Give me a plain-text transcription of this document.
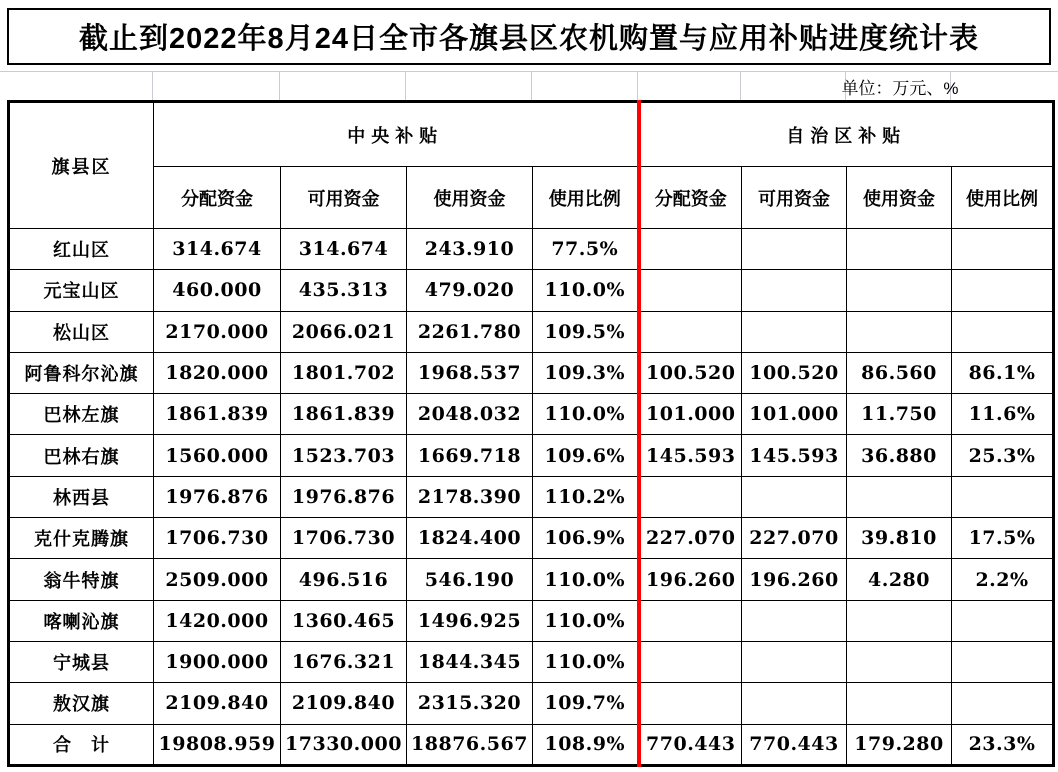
截止到2022年8月24日全市各旗县区农机购置与应用补贴进度统计表
单位：万元、%
旗县区	中央补贴				自治区补贴			
	分配资金	可用资金	使用资金	使用比例	分配资金	可用资金	使用资金	使用比例
红山区	314.674	314.674	243.910	77.5%				
元宝山区	460.000	435.313	479.020	110.0%				
松山区	2170.000	2066.021	2261.780	109.5%				
阿鲁科尔沁旗	1820.000	1801.702	1968.537	109.3%	100.520	100.520	86.560	86.1%
巴林左旗	1861.839	1861.839	2048.032	110.0%	101.000	101.000	11.750	11.6%
巴林右旗	1560.000	1523.703	1669.718	109.6%	145.593	145.593	36.880	25.3%
林西县	1976.876	1976.876	2178.390	110.2%				
克什克腾旗	1706.730	1706.730	1824.400	106.9%	227.070	227.070	39.810	17.5%
翁牛特旗	2509.000	496.516	546.190	110.0%	196.260	196.260	4.280	2.2%
喀喇沁旗	1420.000	1360.465	1496.925	110.0%				
宁城县	1900.000	1676.321	1844.345	110.0%				
敖汉旗	2109.840	2109.840	2315.320	109.7%				
合　计	19808.959	17330.000	18876.567	108.9%	770.443	770.443	179.280	23.3%
